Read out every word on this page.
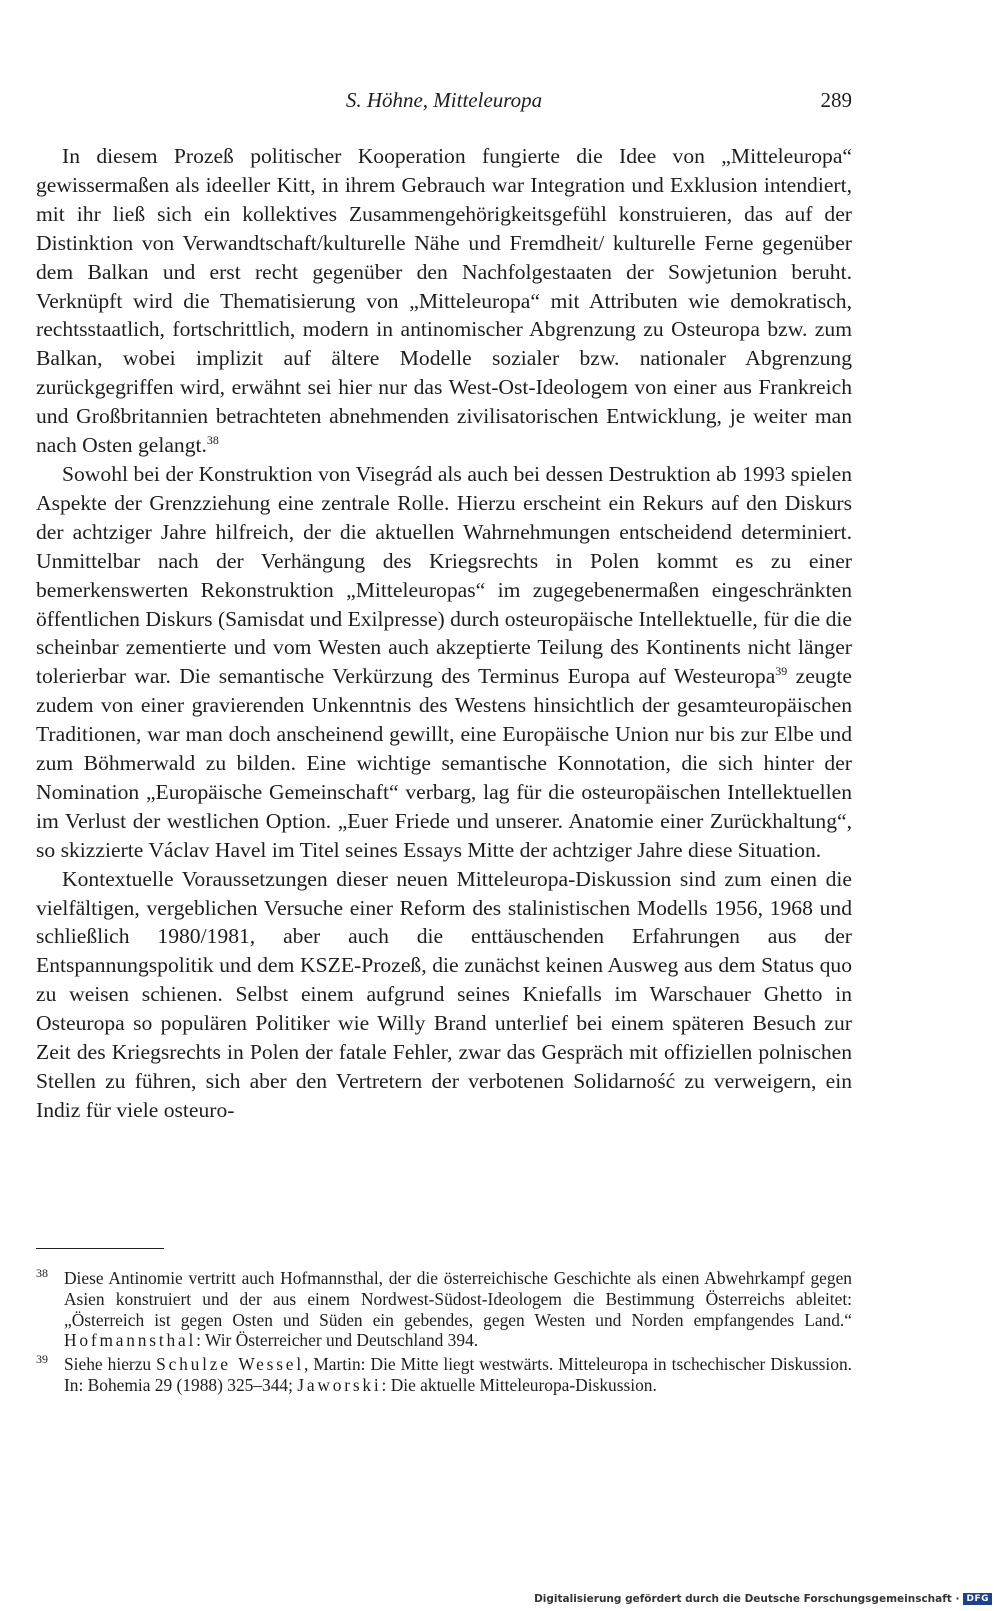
S. Höhne, Mitteleuropa	289

In diesem Prozeß politischer Kooperation fungierte die Idee von „Mitteleuropa“ gewissermaßen als ideeller Kitt, in ihrem Gebrauch war Integration und Exklusion intendiert, mit ihr ließ sich ein kollektives Zusammengehörigkeitsgefühl konstruieren, das auf der Distinktion von Verwandtschaft/kulturelle Nähe und Fremdheit/ kulturelle Ferne gegenüber dem Balkan und erst recht gegenüber den Nachfolgestaaten der Sowjetunion beruht. Verknüpft wird die Thematisierung von „Mitteleuropa“ mit Attributen wie demokratisch, rechtsstaatlich, fortschrittlich, modern in antinomischer Abgrenzung zu Osteuropa bzw. zum Balkan, wobei implizit auf ältere Modelle sozialer bzw. nationaler Abgrenzung zurückgegriffen wird, erwähnt sei hier nur das West-Ost-Ideologem von einer aus Frankreich und Großbritannien betrachteten abnehmenden zivilisatorischen Entwicklung, je weiter man nach Osten gelangt.$^{38}$

Sowohl bei der Konstruktion von Visegrád als auch bei dessen Destruktion ab 1993 spielen Aspekte der Grenzziehung eine zentrale Rolle. Hierzu erscheint ein Rekurs auf den Diskurs der achtziger Jahre hilfreich, der die aktuellen Wahrnehmungen entscheidend determiniert. Unmittelbar nach der Verhängung des Kriegsrechts in Polen kommt es zu einer bemerkenswerten Rekonstruktion „Mitteleuropas“ im zugegebenermaßen eingeschränkten öffentlichen Diskurs (Samisdat und Exilpresse) durch osteuropäische Intellektuelle, für die die scheinbar zementierte und vom Westen auch akzeptierte Teilung des Kontinents nicht länger tolerierbar war. Die semantische Verkürzung des Terminus Europa auf Westeuropa$^{39}$ zeugte zudem von einer gravierenden Unkenntnis des Westens hinsichtlich der gesamteuropäischen Traditionen, war man doch anscheinend gewillt, eine Europäische Union nur bis zur Elbe und zum Böhmerwald zu bilden. Eine wichtige semantische Konnotation, die sich hinter der Nomination „Europäische Gemeinschaft“ verbarg, lag für die osteuropäischen Intellektuellen im Verlust der westlichen Option. „Euer Friede und unserer. Anatomie einer Zurückhaltung“, so skizzierte Václav Havel im Titel seines Essays Mitte der achtziger Jahre diese Situation.

Kontextuelle Voraussetzungen dieser neuen Mitteleuropa-Diskussion sind zum einen die vielfältigen, vergeblichen Versuche einer Reform des stalinistischen Modells 1956, 1968 und schließlich 1980/1981, aber auch die enttäuschenden Erfahrungen aus der Entspannungspolitik und dem KSZE-Prozeß, die zunächst keinen Ausweg aus dem Status quo zu weisen schienen. Selbst einem aufgrund seines Kniefalls im Warschauer Ghetto in Osteuropa so populären Politiker wie Willy Brand unterlief bei einem späteren Besuch zur Zeit des Kriegsrechts in Polen der fatale Fehler, zwar das Gespräch mit offiziellen polnischen Stellen zu führen, sich aber den Vertretern der verbotenen Solidarność zu verweigern, ein Indiz für viele osteuro-

38 Diese Antinomie vertritt auch Hofmannsthal, der die österreichische Geschichte als einen Abwehrkampf gegen Asien konstruiert und der aus einem Nordwest-Südost-Ideologem die Bestimmung Österreichs ableitet: „Österreich ist gegen Osten und Süden ein gebendes, gegen Westen und Norden empfangendes Land.“ Hofmannsthal: Wir Österreicher und Deutschland 394.
39 Siehe hierzu Schulze Wessel, Martin: Die Mitte liegt westwärts. Mitteleuropa in tschechischer Diskussion. In: Bohemia 29 (1988) 325–344; Jaworski: Die aktuelle Mitteleuropa-Diskussion.
Digitalisierung gefördert durch die Deutsche Forschungsgemeinschaft · DFG
